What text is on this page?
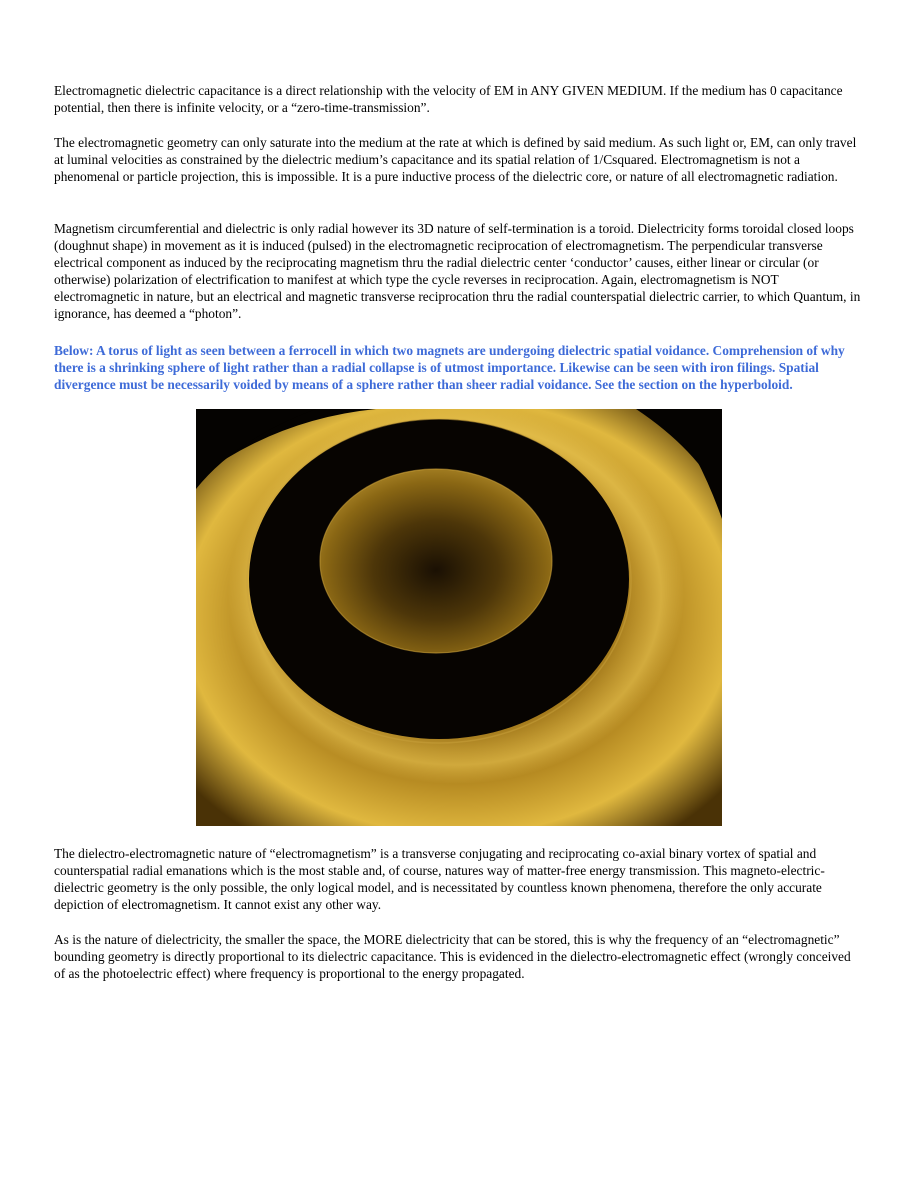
Electromagnetic dielectric capacitance is a direct relationship with the velocity of EM in ANY GIVEN MEDIUM. If the medium has 0 capacitance potential, then there is infinite velocity, or a “zero-time-transmission”.

The electromagnetic geometry can only saturate into the medium at the rate at which is defined by said medium. As such light or, EM, can only travel at luminal velocities as constrained by the dielectric medium’s capacitance and its spatial relation of 1/Csquared. Electromagnetism is not a phenomenal or particle projection, this is impossible. It is a pure inductive process of the dielectric core, or nature of all electromagnetic radiation.

Magnetism circumferential and dielectric is only radial however its 3D nature of self-termination is a toroid. Dielectricity forms toroidal closed loops (doughnut shape) in movement as it is induced (pulsed) in the electromagnetic reciprocation of electromagnetism. The perpendicular transverse electrical component as induced by the reciprocating magnetism thru the radial dielectric center ‘conductor’ causes, either linear or circular (or otherwise) polarization of electrification to manifest at which type the cycle reverses in reciprocation. Again, electromagnetism is NOT electromagnetic in nature, but an electrical and magnetic transverse reciprocation thru the radial counterspatial dielectric carrier, to which Quantum, in ignorance, has deemed a “photon”.

Below: A torus of light as seen between a ferrocell in which two magnets are undergoing dielectric spatial voidance. Comprehension of why there is a shrinking sphere of light rather than a radial collapse is of utmost importance. Likewise can be seen with iron filings. Spatial divergence must be necessarily voided by means of a sphere rather than sheer radial voidance. See the section on the hyperboloid.

The dielectro-electromagnetic nature of “electromagnetism” is a transverse conjugating and reciprocating co-axial binary vortex of spatial and counterspatial radial emanations which is the most stable and, of course, natures way of matter-free energy transmission. This magneto-electric-dielectric geometry is the only possible, the only logical model, and is necessitated by countless known phenomena, therefore the only accurate depiction of electromagnetism. It cannot exist any other way.

As is the nature of dielectricity, the smaller the space, the MORE dielectricity that can be stored, this is why the frequency of an “electromagnetic” bounding geometry is directly proportional to its dielectric capacitance. This is evidenced in the dielectro-electromagnetic effect (wrongly conceived of as the photoelectric effect) where frequency is proportional to the energy propagated.
